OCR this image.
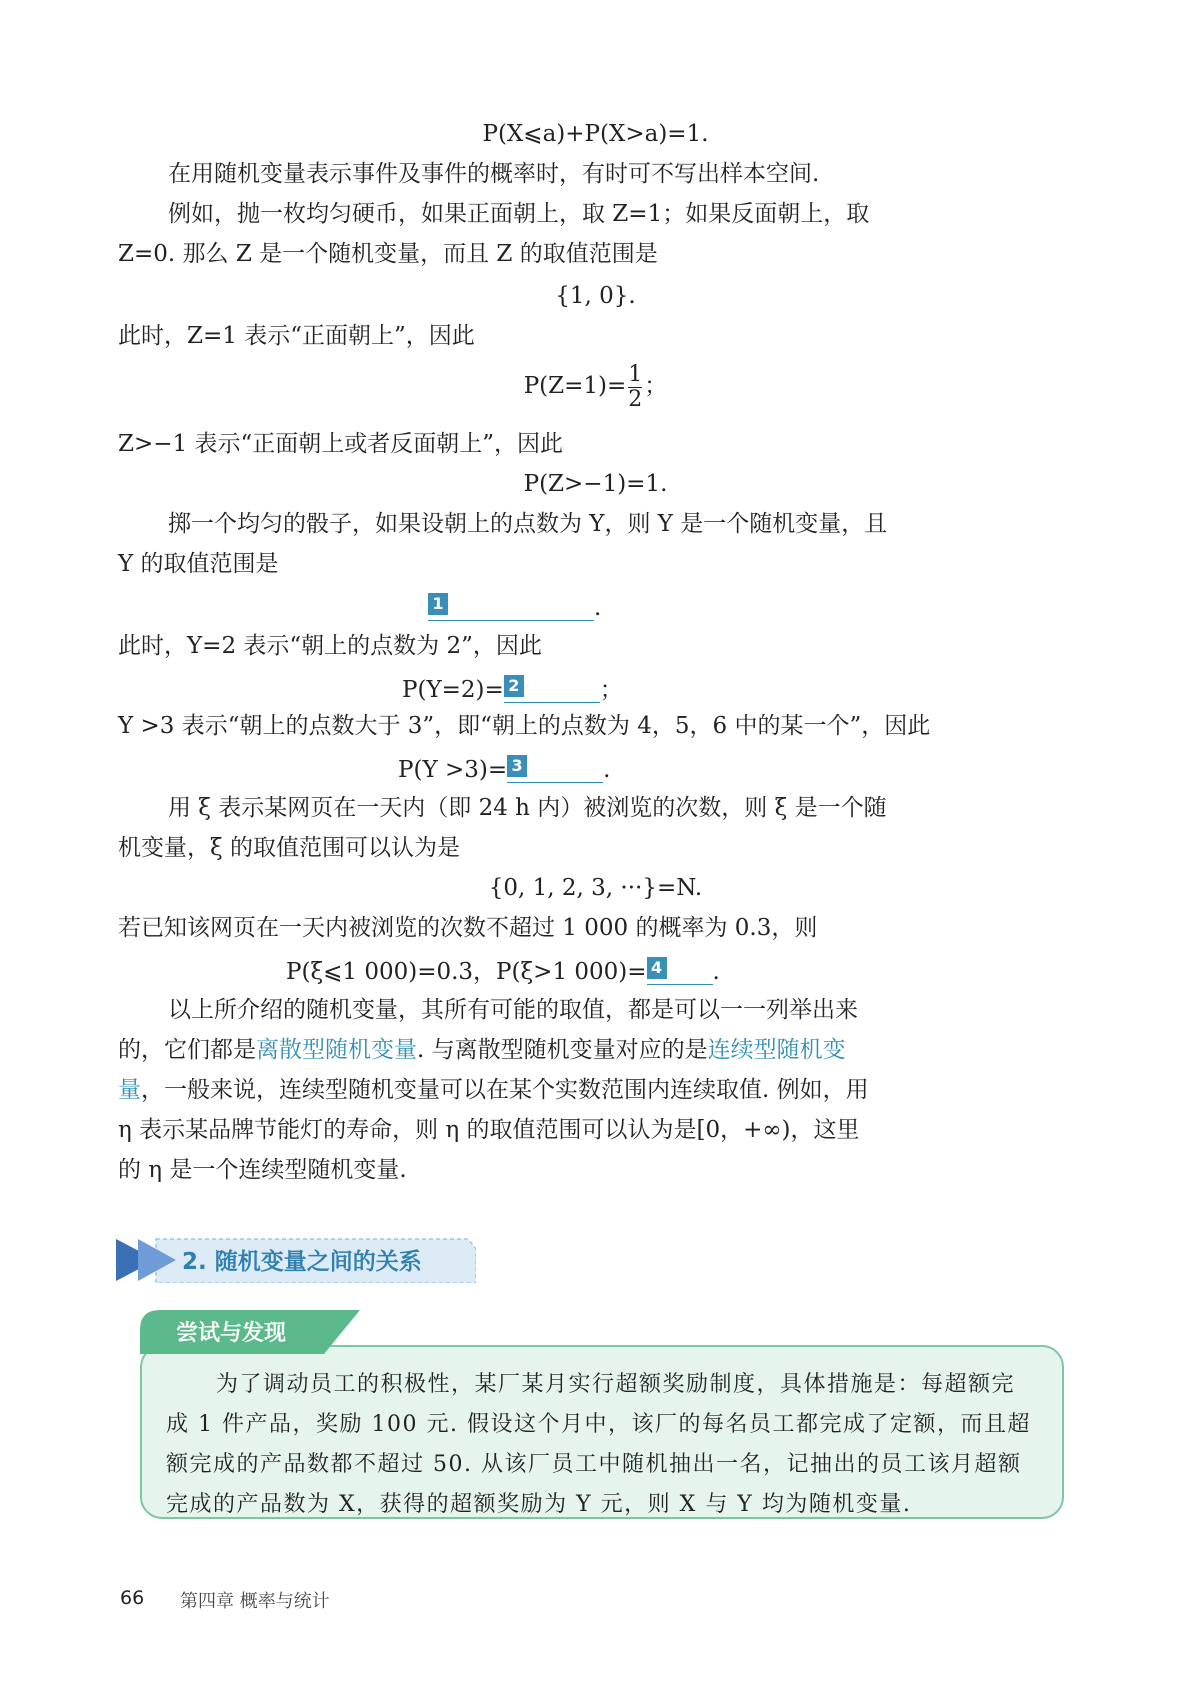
P(X⩽a)+P(X>a)=1.
在用随机变量表示事件及事件的概率时，有时可不写出样本空间.
例如，抛一枚均匀硬币，如果正面朝上，取 Z=1；如果反面朝上，取
Z=0. 那么 Z 是一个随机变量，而且 Z 的取值范围是
{1, 0}.
此时，Z=1 表示“正面朝上”，因此
$P(Z=1)= \frac{1}{2}$ ；
Z>−1 表示“正面朝上或者反面朝上”，因此
P(Z>−1)=1.
掷一个均匀的骰子，如果设朝上的点数为 Y，则 Y 是一个随机变量，且
Y 的取值范围是
1	.
此时，Y=2 表示“朝上的点数为 2”，因此
P(Y=2)= 2	；
Y >3 表示“朝上的点数大于 3”，即“朝上的点数为 4，5，6 中的某一个”，因此
P(Y >3)= 3	.
用 ξ 表示某网页在一天内（即 24 h 内）被浏览的次数，则 ξ 是一个随
机变量，ξ 的取值范围可以认为是
{0, 1, 2, 3, ···}=N.
若已知该网页在一天内被浏览的次数不超过 1 000 的概率为 0.3，则
P(ξ⩽1 000)=0.3，P(ξ>1 000)= 4 .
以上所介绍的随机变量，其所有可能的取值，都是可以一一列举出来
的，它们都是离散型随机变量. 与离散型随机变量对应的是连续型随机变
量，一般来说，连续型随机变量可以在某个实数范围内连续取值. 例如，用
η 表示某品牌节能灯的寿命，则 η 的取值范围可以认为是[0，+∞)，这里
的 η 是一个连续型随机变量.
2. 随机变量之间的关系
为了调动员工的积极性，某厂某月实行超额奖励制度，具体措施是：每超额完
成 1 件产品，奖励 100 元. 假设这个月中，该厂的每名员工都完成了定额，而且超
额完成的产品数都不超过 50. 从该厂员工中随机抽出一名，记抽出的员工该月超额
完成的产品数为 X，获得的超额奖励为 Y 元，则 X 与 Y 均为随机变量.
尝试与发现
66 第四章 概率与统计
